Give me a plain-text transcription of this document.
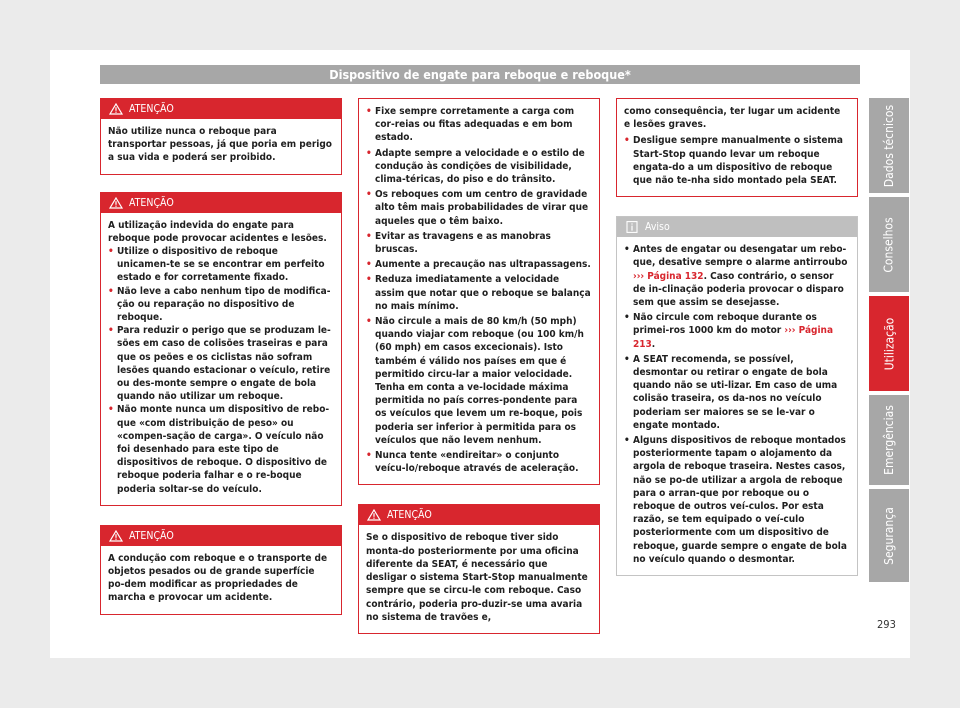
Dispositivo de engate para reboque e reboque*
ATENÇÃO

Não utilize nunca o reboque para transportar pessoas, já que poria em perigo a sua vida e poderá ser proibido.

ATENÇÃO

A utilização indevida do engate para reboque pode provocar acidentes e lesões.

• Utilize o dispositivo de reboque unicamen-te se se encontrar em perfeito estado e for corretamente fixado.
• Não leve a cabo nenhum tipo de modifica-ção ou reparação no dispositivo de reboque.
• Para reduzir o perigo que se produzam le-sões em caso de colisões traseiras e para que os peões e os ciclistas não sofram lesões quando estacionar o veículo, retire ou des-monte sempre o engate de bola quando não utilizar um reboque.
• Não monte nunca um dispositivo de rebo-que «com distribuição de peso» ou «compen-sação de carga». O veículo não foi desenhado para este tipo de dispositivos de reboque. O dispositivo de reboque poderia falhar e o re-boque poderia soltar-se do veículo.
ATENÇÃO

A condução com reboque e o transporte de objetos pesados ou de grande superfície po-dem modificar as propriedades de marcha e provocar um acidente.

• Fixe sempre corretamente a carga com cor-reias ou fitas adequadas e em bom estado.
• Adapte sempre a velocidade e o estilo de condução às condições de visibilidade, clima-téricas, do piso e do trânsito.
• Os reboques com um centro de gravidade alto têm mais probabilidades de virar que aqueles que o têm baixo.
• Evitar as travagens e as manobras bruscas.
• Aumente a precaução nas ultrapassagens.
• Reduza imediatamente a velocidade assim que notar que o reboque se balança no mais mínimo.
• Não circule a mais de 80 km/h (50 mph) quando viajar com reboque (ou 100 km/h (60 mph) em casos excecionais). Isto também é válido nos países em que é permitido circu-lar a maior velocidade. Tenha em conta a ve-locidade máxima permitida no país corres-pondente para os veículos que levem um re-boque, pois poderia ser inferior à permitida para os veículos que não levem nenhum.
• Nunca tente «endireitar» o conjunto veícu-lo/reboque através de aceleração.
ATENÇÃO

Se o dispositivo de reboque tiver sido monta-do posteriormente por uma oficina diferente da SEAT, é necessário que desligar o sistema Start-Stop manualmente sempre que se circu-le com reboque. Caso contrário, poderia pro-duzir-se uma avaria no sistema de travões e,

como consequência, ter lugar um acidente e lesões graves.

• Desligue sempre manualmente o sistema Start-Stop quando levar um reboque engata-do a um dispositivo de reboque que não te-nha sido montado pela SEAT.
Aviso
• Antes de engatar ou desengatar um rebo-que, desative sempre o alarme antirroubo ››› Página 132. Caso contrário, o sensor de in-clinação poderia provocar o disparo sem que assim se desejasse.
• Não circule com reboque durante os primei-ros 1000 km do motor ››› Página 213.
• A SEAT recomenda, se possível, desmontar ou retirar o engate de bola quando não se uti-lizar. Em caso de uma colisão traseira, os da-nos no veículo poderiam ser maiores se se le-var o engate montado.
• Alguns dispositivos de reboque montados posteriormente tapam o alojamento da argola de reboque traseira. Nestes casos, não se po-de utilizar a argola de reboque para o arran-que por reboque ou o reboque de outros veí-culos. Por esta razão, se tem equipado o veí-culo posteriormente com um dispositivo de reboque, guarde sempre o engate de bola no veículo quando o desmontar.
Dados técnicos
Conselhos
Utilização
Emergências
Segurança
293
